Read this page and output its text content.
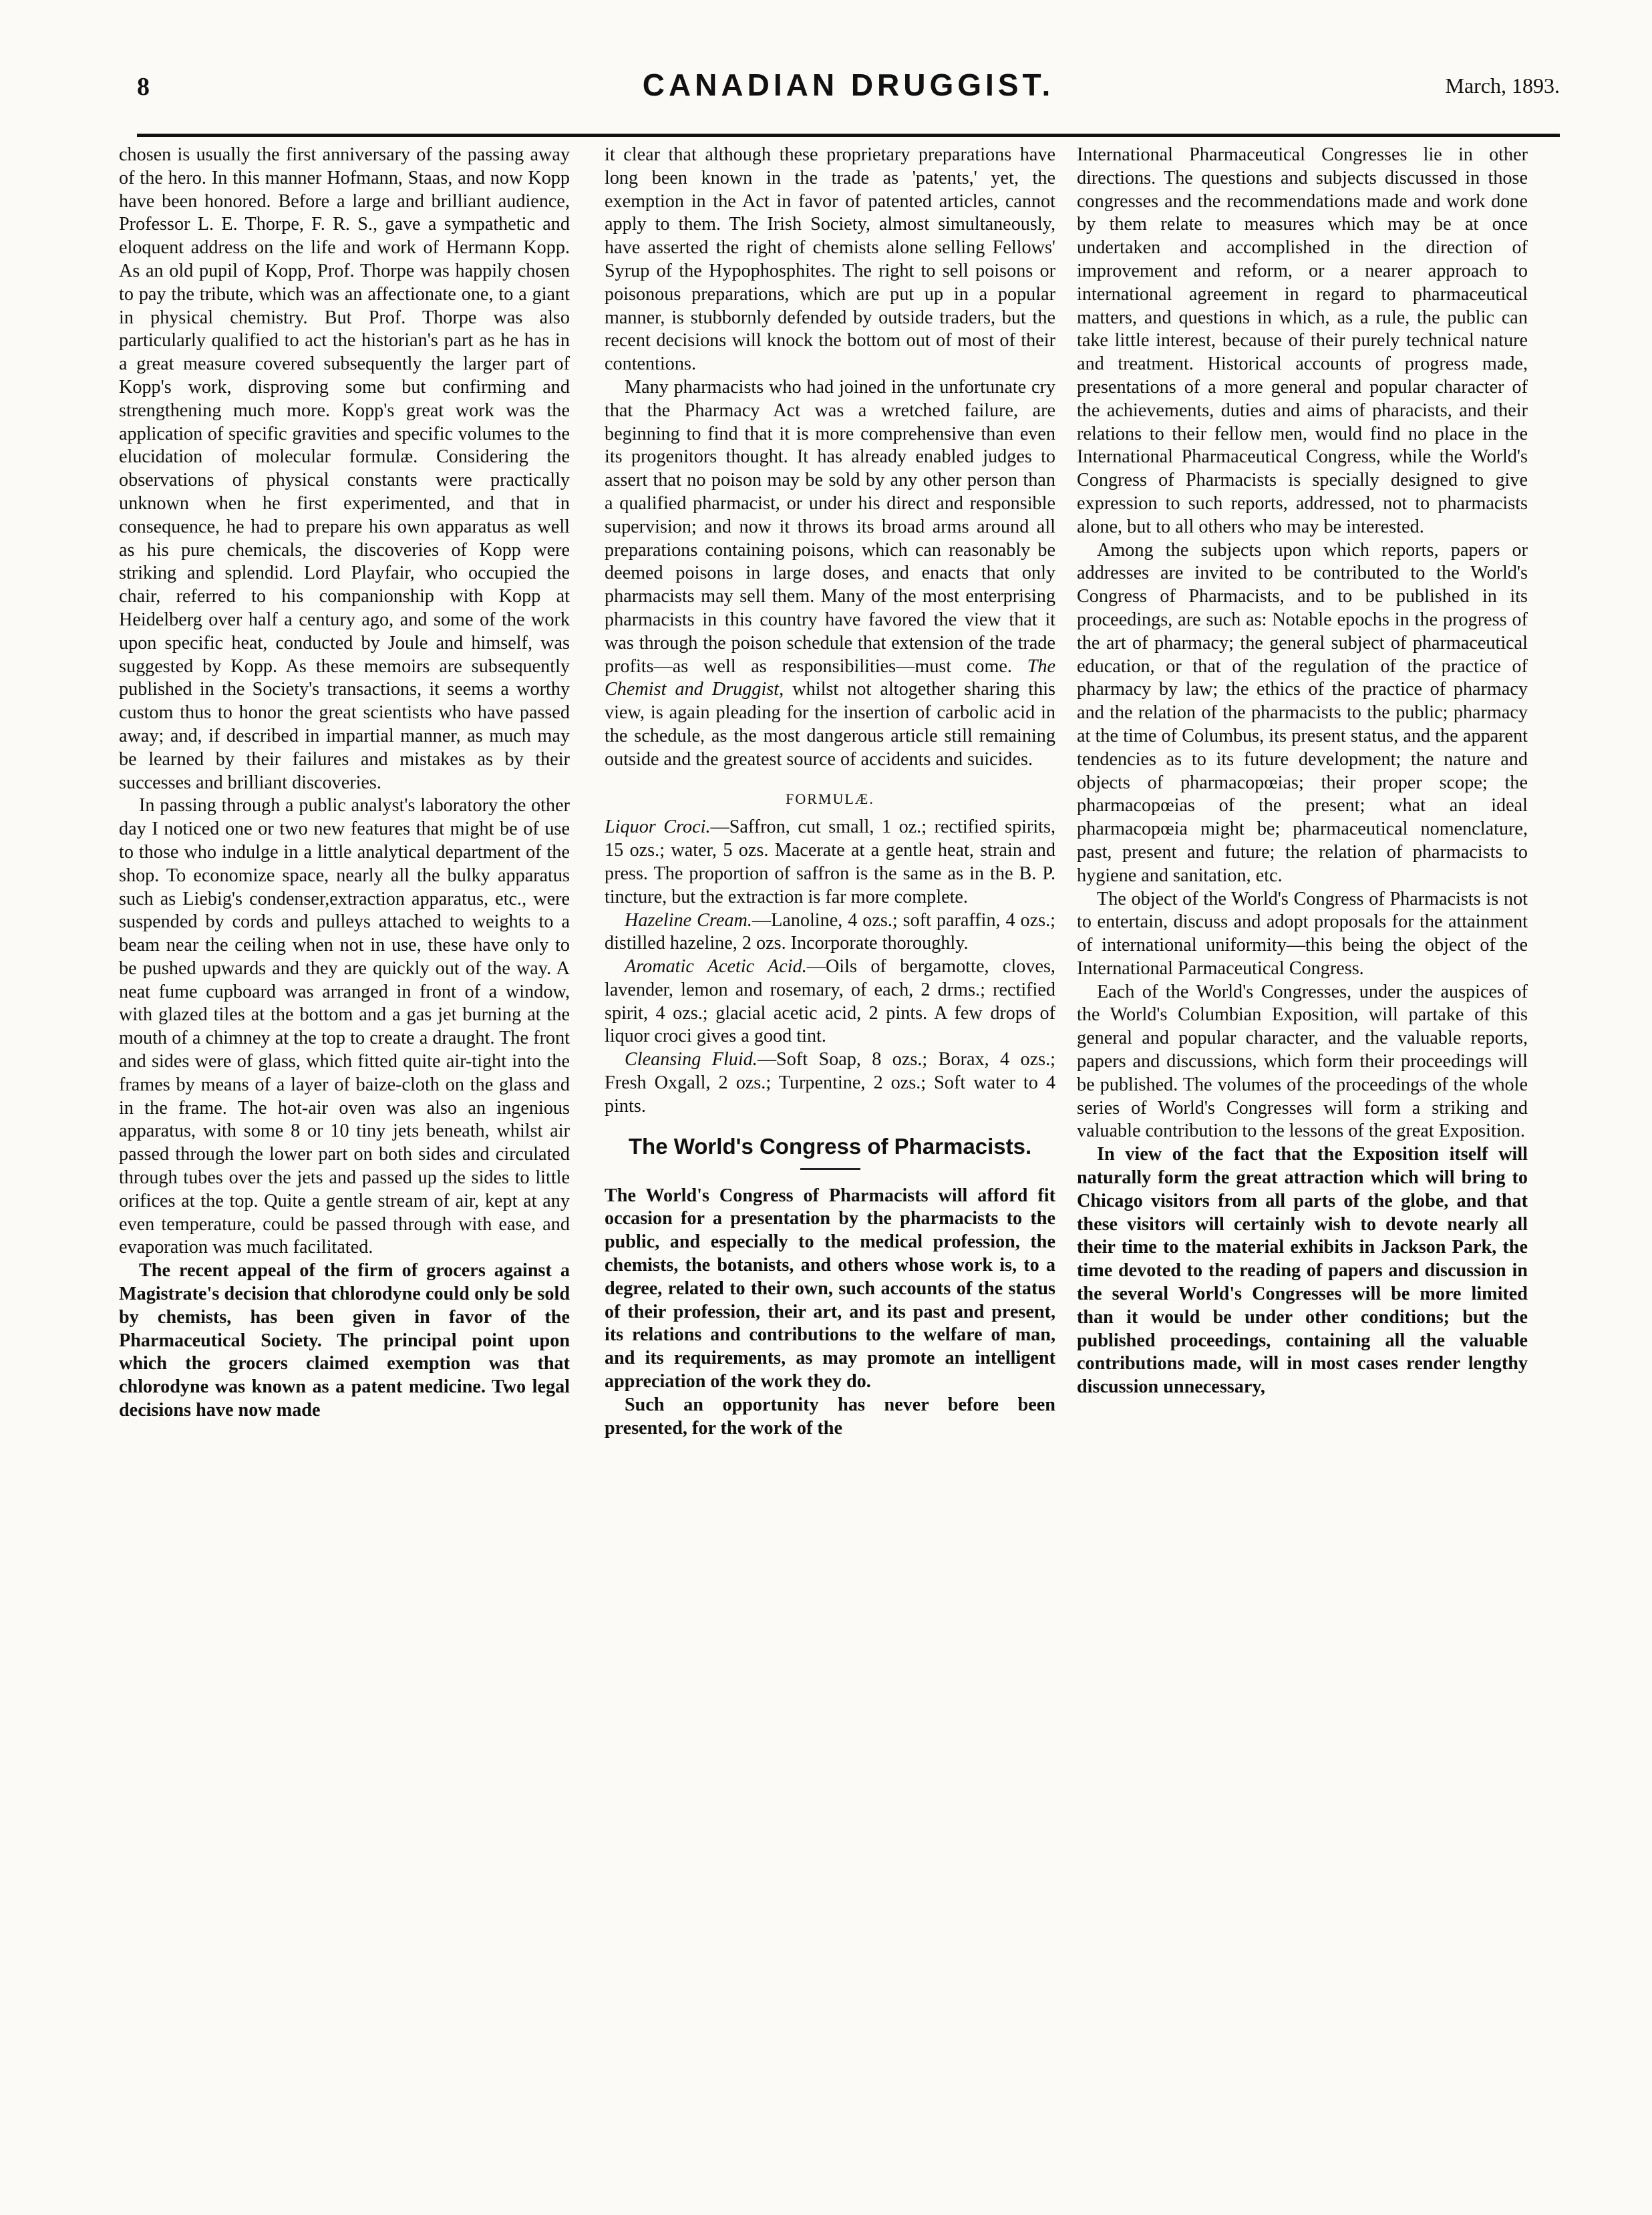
8	CANADIAN DRUGGIST.	March, 1893.

chosen is usually the first anniversary of the passing away of the hero. In this manner Hofmann, Staas, and now Kopp have been honored. Before a large and brilliant audience, Professor L. E. Thorpe, F. R. S., gave a sympathetic and eloquent address on the life and work of Hermann Kopp. As an old pupil of Kopp, Prof. Thorpe was happily chosen to pay the tribute, which was an affectionate one, to a giant in physical chemistry. But Prof. Thorpe was also particularly qualified to act the historian's part as he has in a great measure covered subsequently the larger part of Kopp's work, disproving some but confirming and strengthening much more. Kopp's great work was the application of specific gravities and specific volumes to the elucidation of molecular formulæ. Considering the observations of physical constants were practically unknown when he first experimented, and that in consequence, he had to prepare his own apparatus as well as his pure chemicals, the discoveries of Kopp were striking and splendid. Lord Playfair, who occupied the chair, referred to his companionship with Kopp at Heidelberg over half a century ago, and some of the work upon specific heat, conducted by Joule and himself, was suggested by Kopp. As these memoirs are subsequently published in the Society's transactions, it seems a worthy custom thus to honor the great scientists who have passed away; and, if described in impartial manner, as much may be learned by their failures and mistakes as by their successes and brilliant discoveries.

In passing through a public analyst's laboratory the other day I noticed one or two new features that might be of use to those who indulge in a little analytical department of the shop. To economize space, nearly all the bulky apparatus such as Liebig's condenser,extraction apparatus, etc., were suspended by cords and pulleys attached to weights to a beam near the ceiling when not in use, these have only to be pushed upwards and they are quickly out of the way. A neat fume cupboard was arranged in front of a window, with glazed tiles at the bottom and a gas jet burning at the mouth of a chimney at the top to create a draught. The front and sides were of glass, which fitted quite air-tight into the frames by means of a layer of baize-cloth on the glass and in the frame. The hot-air oven was also an ingenious apparatus, with some 8 or 10 tiny jets beneath, whilst air passed through the lower part on both sides and circulated through tubes over the jets and passed up the sides to little orifices at the top. Quite a gentle stream of air, kept at any even temperature, could be passed through with ease, and evaporation was much facilitated.

The recent appeal of the firm of grocers against a Magistrate's decision that chlorodyne could only be sold by chemists, has been given in favor of the Pharmaceutical Society. The principal point upon which the grocers claimed exemption was that chlorodyne was known as a patent medicine. Two legal decisions have now made

it clear that although these proprietary preparations have long been known in the trade as 'patents,' yet, the exemption in the Act in favor of patented articles, cannot apply to them. The Irish Society, almost simultaneously, have asserted the right of chemists alone selling Fellows' Syrup of the Hypophosphites. The right to sell poisons or poisonous preparations, which are put up in a popular manner, is stubbornly defended by outside traders, but the recent decisions will knock the bottom out of most of their contentions.

Many pharmacists who had joined in the unfortunate cry that the Pharmacy Act was a wretched failure, are beginning to find that it is more comprehensive than even its progenitors thought. It has already enabled judges to assert that no poison may be sold by any other person than a qualified pharmacist, or under his direct and responsible supervision; and now it throws its broad arms around all preparations containing poisons, which can reasonably be deemed poisons in large doses, and enacts that only pharmacists may sell them. Many of the most enterprising pharmacists in this country have favored the view that it was through the poison schedule that extension of the trade profits—as well as responsibilities—must come. The Chemist and Druggist, whilst not altogether sharing this view, is again pleading for the insertion of carbolic acid in the schedule, as the most dangerous article still remaining outside and the greatest source of accidents and suicides.

FORMULÆ.

Liquor Croci.—Saffron, cut small, 1 oz.; rectified spirits, 15 ozs.; water, 5 ozs. Macerate at a gentle heat, strain and press. The proportion of saffron is the same as in the B. P. tincture, but the extraction is far more complete.

Hazeline Cream.—Lanoline, 4 ozs.; soft paraffin, 4 ozs.; distilled hazeline, 2 ozs. Incorporate thoroughly.

Aromatic Acetic Acid.—Oils of bergamotte, cloves, lavender, lemon and rosemary, of each, 2 drms.; rectified spirit, 4 ozs.; glacial acetic acid, 2 pints. A few drops of liquor croci gives a good tint.

Cleansing Fluid.—Soft Soap, 8 ozs.; Borax, 4 ozs.; Fresh Oxgall, 2 ozs.; Turpentine, 2 ozs.; Soft water to 4 pints.

The World's Congress of Pharmacists.

The World's Congress of Pharmacists will afford fit occasion for a presentation by the pharmacists to the public, and especially to the medical profession, the chemists, the botanists, and others whose work is, to a degree, related to their own, such accounts of the status of their profession, their art, and its past and present, its relations and contributions to the welfare of man, and its requirements, as may promote an intelligent appreciation of the work they do.

Such an opportunity has never before been presented, for the work of the

International Pharmaceutical Congresses lie in other directions. The questions and subjects discussed in those congresses and the recommendations made and work done by them relate to measures which may be at once undertaken and accomplished in the direction of improvement and reform, or a nearer approach to international agreement in regard to pharmaceutical matters, and questions in which, as a rule, the public can take little interest, because of their purely technical nature and treatment. Historical accounts of progress made, presentations of a more general and popular character of the achievements, duties and aims of pharacists, and their relations to their fellow men, would find no place in the International Pharmaceutical Congress, while the World's Congress of Pharmacists is specially designed to give expression to such reports, addressed, not to pharmacists alone, but to all others who may be interested.

Among the subjects upon which reports, papers or addresses are invited to be contributed to the World's Congress of Pharmacists, and to be published in its proceedings, are such as: Notable epochs in the progress of the art of pharmacy; the general subject of pharmaceutical education, or that of the regulation of the practice of pharmacy by law; the ethics of the practice of pharmacy and the relation of the pharmacists to the public; pharmacy at the time of Columbus, its present status, and the apparent tendencies as to its future development; the nature and objects of pharmacopœias; their proper scope; the pharmacopœias of the present; what an ideal pharmacopœia might be; pharmaceutical nomenclature, past, present and future; the relation of pharmacists to hygiene and sanitation, etc.

The object of the World's Congress of Pharmacists is not to entertain, discuss and adopt proposals for the attainment of international uniformity—this being the object of the International Parmaceutical Congress.

Each of the World's Congresses, under the auspices of the World's Columbian Exposition, will partake of this general and popular character, and the valuable reports, papers and discussions, which form their proceedings will be published. The volumes of the proceedings of the whole series of World's Congresses will form a striking and valuable contribution to the lessons of the great Exposition.

In view of the fact that the Exposition itself will naturally form the great attraction which will bring to Chicago visitors from all parts of the globe, and that these visitors will certainly wish to devote nearly all their time to the material exhibits in Jackson Park, the time devoted to the reading of papers and discussion in the several World's Congresses will be more limited than it would be under other conditions; but the published proceedings, containing all the valuable contributions made, will in most cases render lengthy discussion unnecessary,
